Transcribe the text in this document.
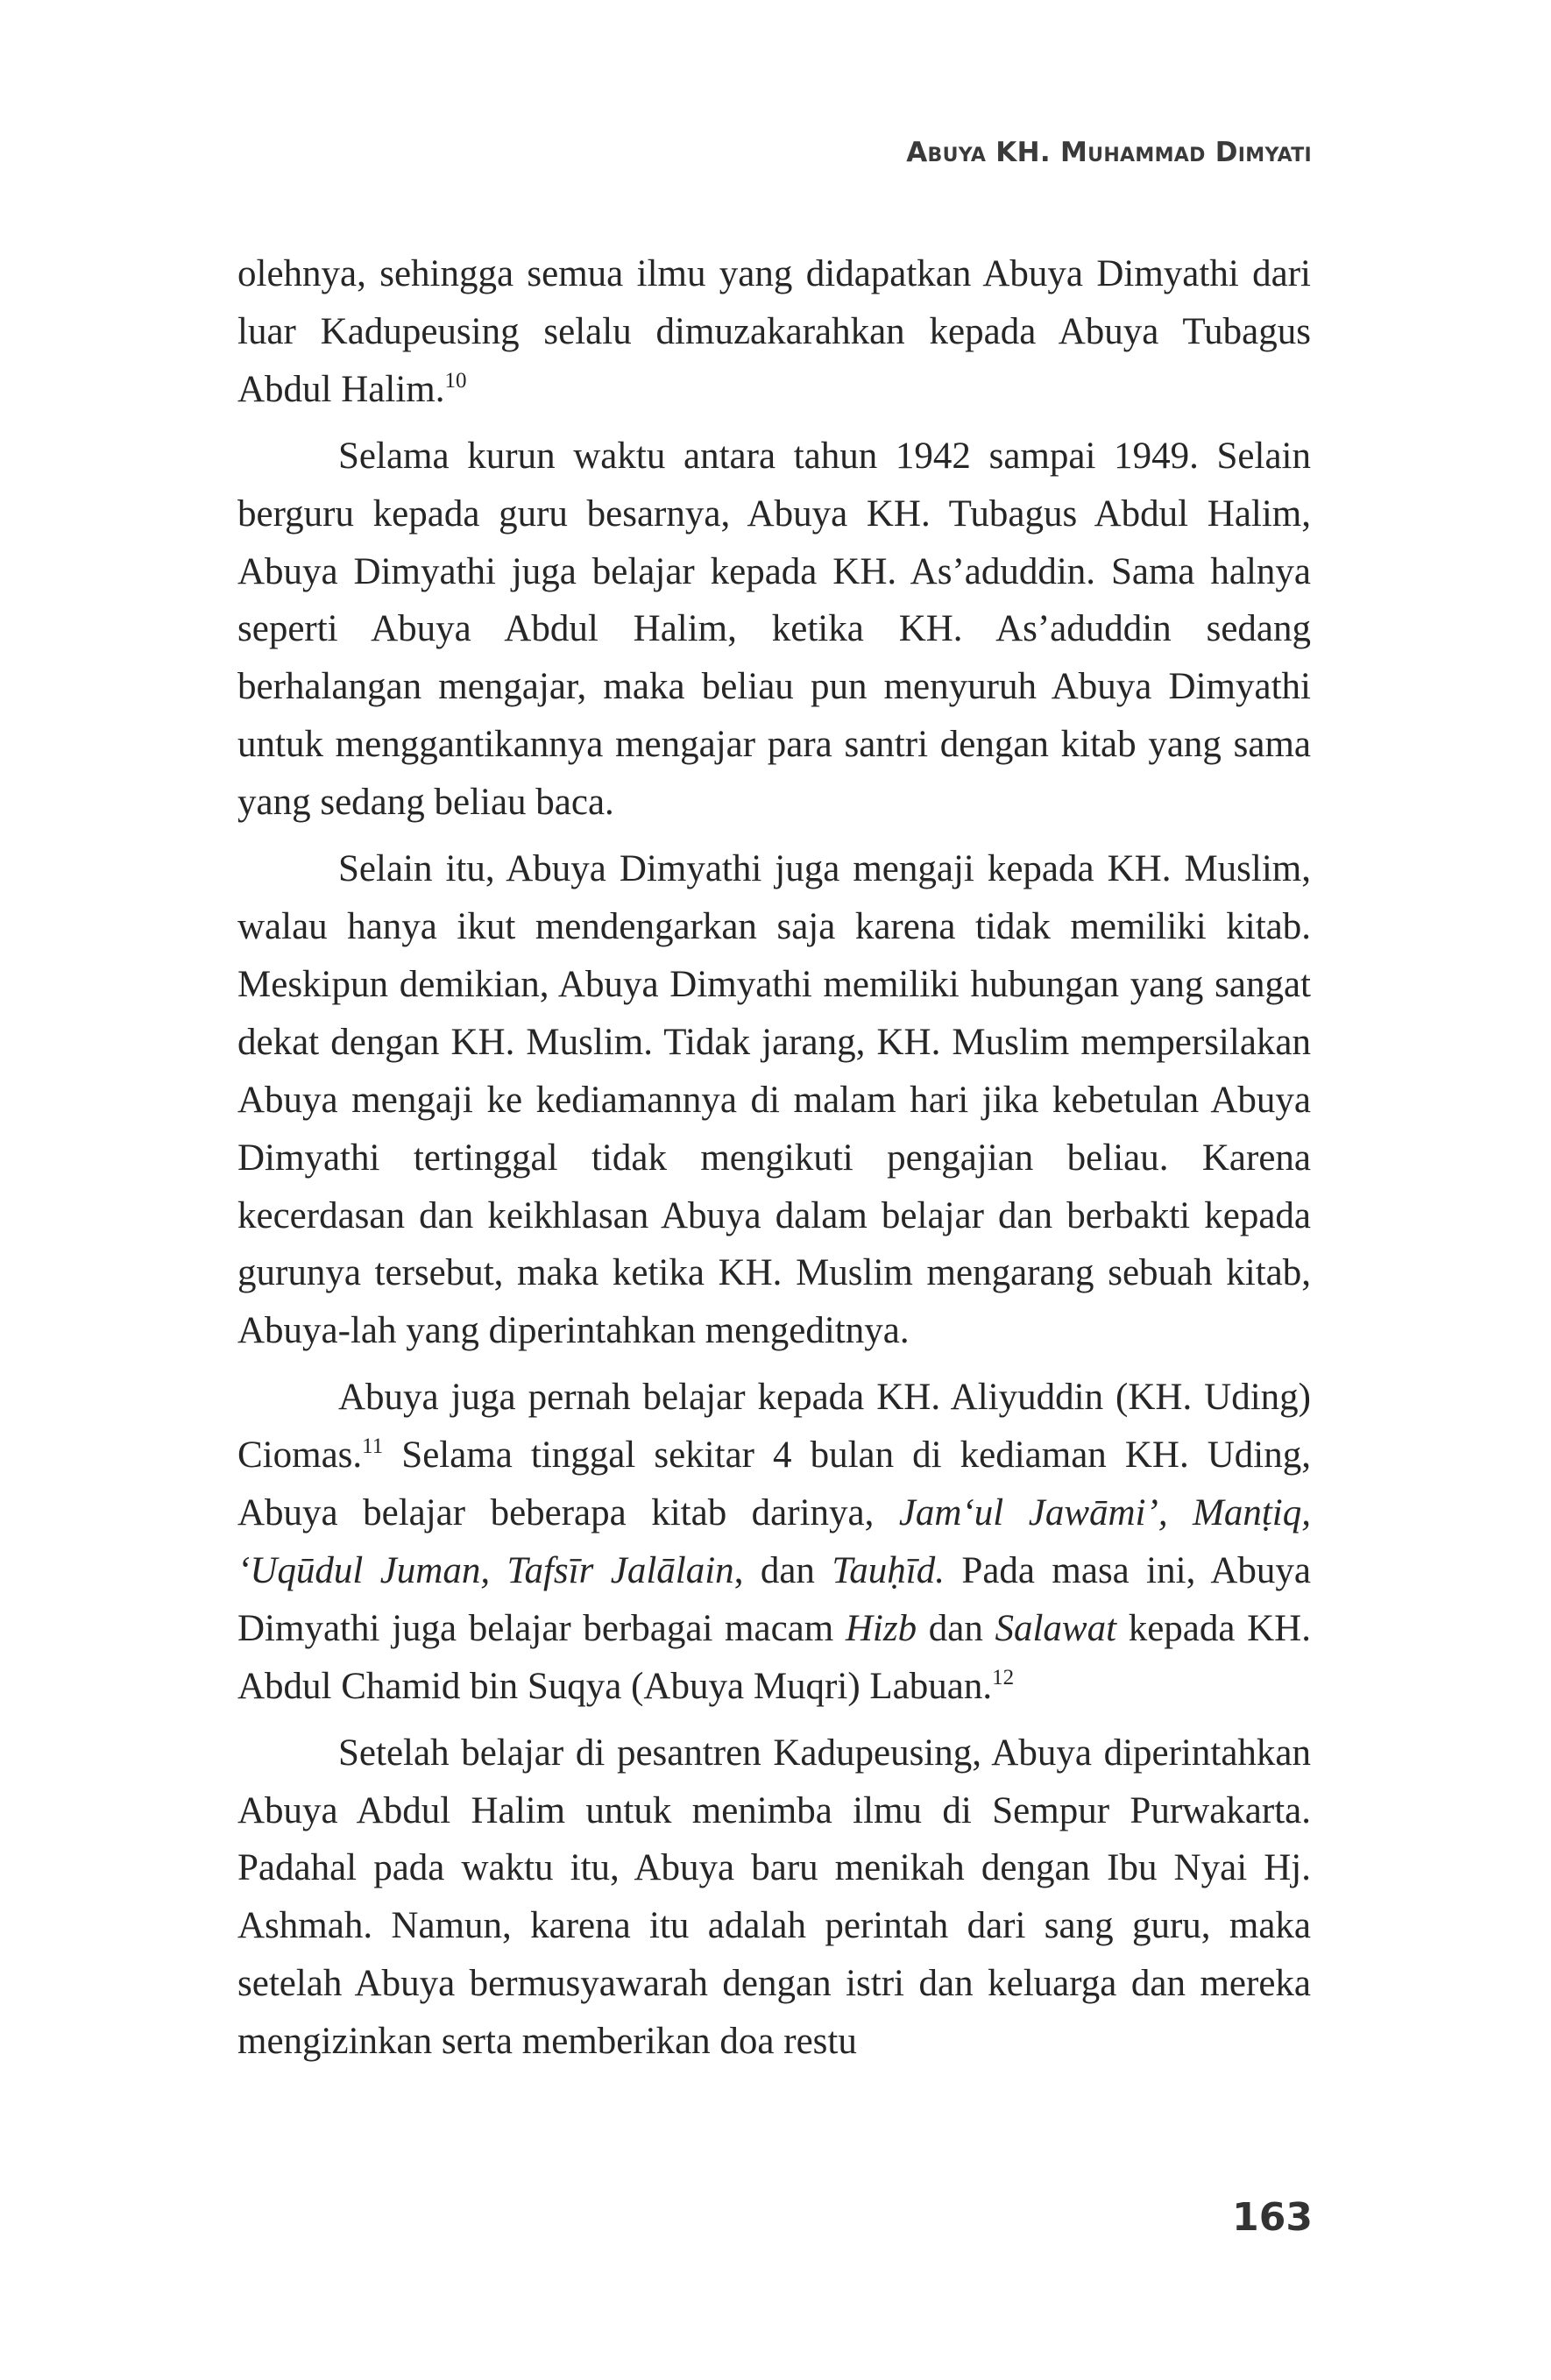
Abuya KH. Muhammad Dimyati

olehnya, sehingga semua ilmu yang didapatkan Abuya Dimyathi dari luar Kadupeusing selalu dimuzakarahkan kepada Abuya Tubagus Abdul Halim.$^{10}$

Selama kurun waktu antara tahun 1942 sampai 1949. Selain berguru kepada guru besarnya, Abuya KH. Tubagus Abdul Halim, Abuya Dimyathi juga belajar kepada KH. As’aduddin. Sama halnya seperti Abuya Abdul Halim, ketika KH. As’aduddin sedang berhalangan mengajar, maka beliau pun menyuruh Abuya Dimyathi untuk menggantikannya mengajar para santri dengan kitab yang sama yang sedang beliau baca.

Selain itu, Abuya Dimyathi juga mengaji kepada KH. Muslim, walau hanya ikut mendengarkan saja karena tidak memiliki kitab. Meskipun demikian, Abuya Dimyathi memiliki hubungan yang sangat dekat dengan KH. Muslim. Tidak jarang, KH. Muslim mempersilakan Abuya mengaji ke kediamannya di malam hari jika kebetulan Abuya Dimyathi tertinggal tidak mengikuti pengajian beliau. Karena kecerdasan dan keikhlasan Abuya dalam belajar dan berbakti kepada gurunya tersebut, maka ketika KH. Muslim mengarang sebuah kitab, Abuya-lah yang diperintahkan mengeditnya.

Abuya juga pernah belajar kepada KH. Aliyuddin (KH. Uding) Ciomas.$^{11}$ Selama tinggal sekitar 4 bulan di kediaman KH. Uding, Abuya belajar beberapa kitab darinya, Jam‘ul Jawāmi’, Manṭiq, ‘Uqūdul Juman, Tafsīr Jalālain, dan Tauḥīd. Pada masa ini, Abuya Dimyathi juga belajar berbagai macam Hizb dan Salawat kepada KH. Abdul Chamid bin Suqya (Abuya Muqri) Labuan.$^{12}$

Setelah belajar di pesantren Kadupeusing, Abuya diperintahkan Abuya Abdul Halim untuk menimba ilmu di Sempur Purwakarta. Padahal pada waktu itu, Abuya baru menikah dengan Ibu Nyai Hj. Ashmah. Namun, karena itu adalah perintah dari sang guru, maka setelah Abuya bermusyawarah dengan istri dan keluarga dan mereka mengizinkan serta memberikan doa restu

163
